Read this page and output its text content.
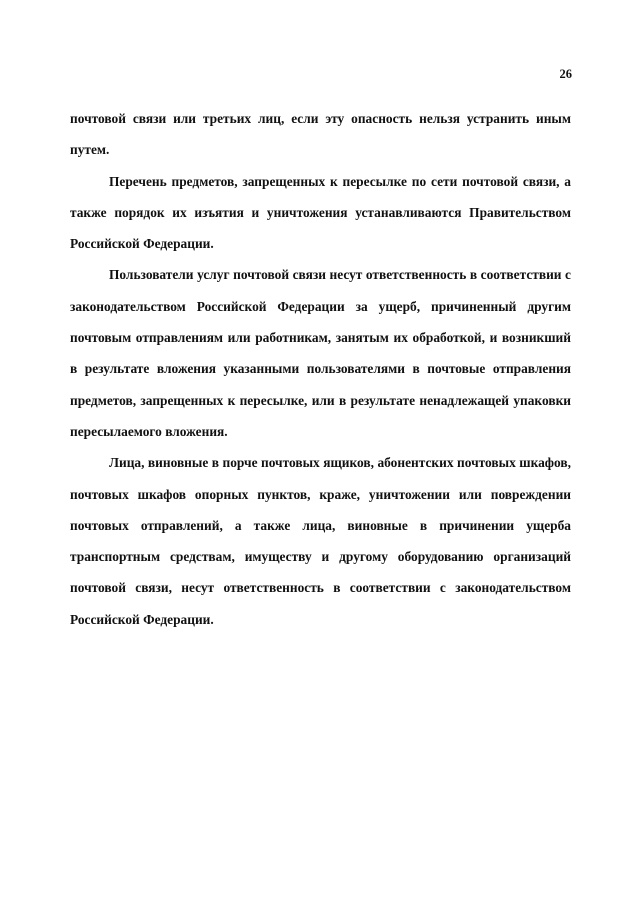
26

почтовой связи или третьих лиц, если эту опасность нельзя устранить иным путем.

Перечень предметов, запрещенных к пересылке по сети почтовой связи, а также порядок их изъятия и уничтожения устанавливаются Правительством Российской Федерации.

Пользователи услуг почтовой связи несут ответственность в соответствии с законодательством Российской Федерации за ущерб, причиненный другим почтовым отправлениям или работникам, занятым их обработкой, и возникший в результате вложения указанными пользователями в почтовые отправления предметов, запрещенных к пересылке, или в результате ненадлежащей упаковки пересылаемого вложения.

Лица, виновные в порче почтовых ящиков, абонентских почтовых шкафов, почтовых шкафов опорных пунктов, краже, уничтожении или повреждении почтовых отправлений, а также лица, виновные в причинении ущерба транспортным средствам, имуществу и другому оборудованию организаций почтовой связи, несут ответственность в соответствии с законодательством Российской Федерации.
